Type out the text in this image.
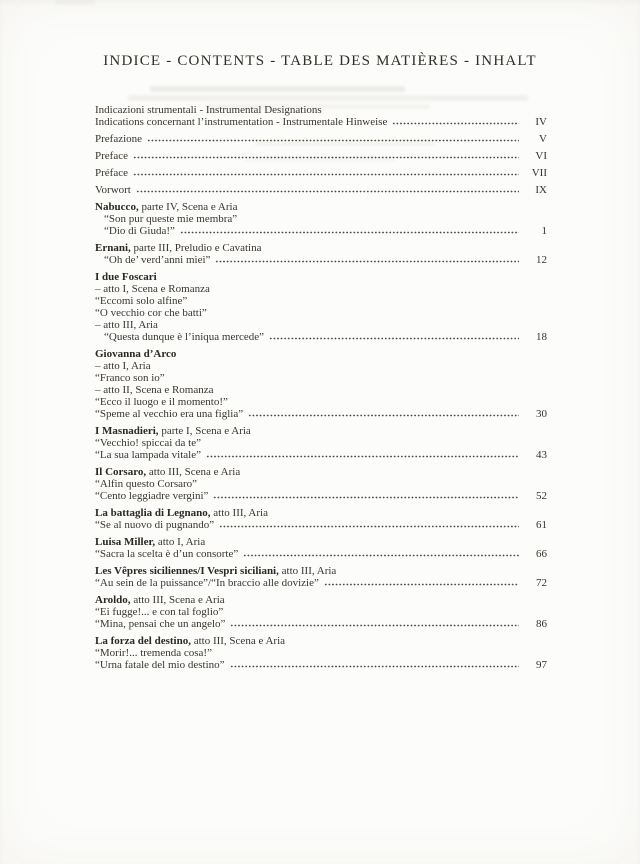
INDICE - CONTENTS - TABLE DES MATIÈRES - INHALT
Indicazioni strumentali - Instrumental Designations
Indications concernant l’instrumentation - Instrumentale Hinweise	IV
Prefazione	V
Preface	VI
Préface	VII
Vorwort	IX
Nabucco, parte IV, Scena e Aria
“Son pur queste mie membra”
“Dio di Giuda!”	1
Ernani, parte III, Preludio e Cavatina
“Oh de’ verd’anni miei”	12
I due Foscari
– atto I, Scena e Romanza
“Eccomi solo alfine”
“O vecchio cor che batti”
– atto III, Aria
“Questa dunque è l’iniqua mercede”	18
Giovanna d’Arco
– atto I, Aria
“Franco son io”
– atto II, Scena e Romanza
“Ecco il luogo e il momento!”
“Speme al vecchio era una figlia”	30
I Masnadieri, parte I, Scena e Aria
“Vecchio! spiccai da te”
“La sua lampada vitale”	43
Il Corsaro, atto III, Scena e Aria
“Alfin questo Corsaro”
“Cento leggiadre vergini”	52
La battaglia di Legnano, atto III, Aria
“Se al nuovo di pugnando”	61
Luisa Miller, atto I, Aria
“Sacra la scelta è d’un consorte”	66
Les Vêpres siciliennes/I Vespri siciliani, atto III, Aria
“Au sein de la puissance”/“In braccio alle dovizie”	72
Aroldo, atto III, Scena e Aria
“Ei fugge!... e con tal foglio”
“Mina, pensai che un angelo”	86
La forza del destino, atto III, Scena e Aria
“Morir!... tremenda cosa!”
“Urna fatale del mio destino”	97
